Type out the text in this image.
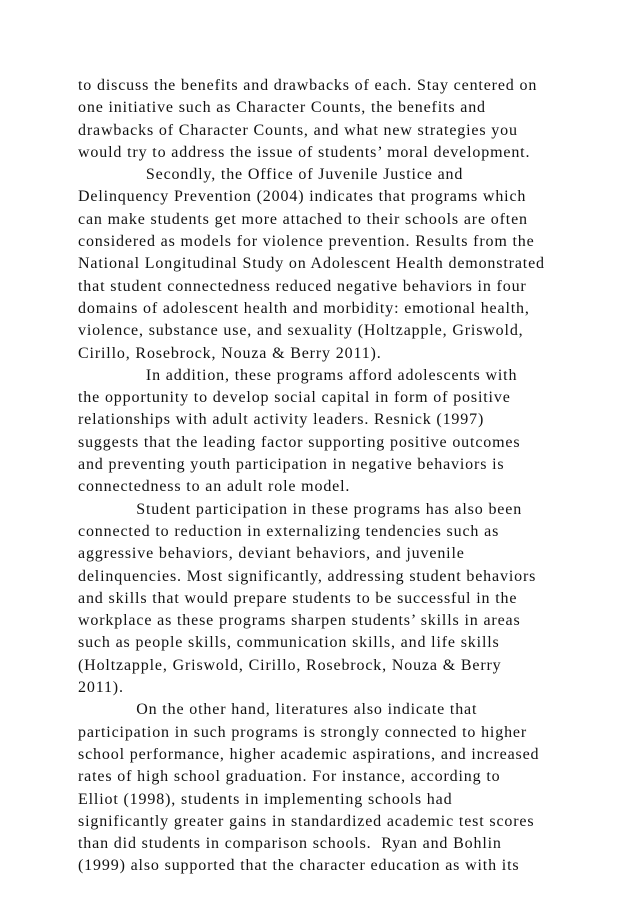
to discuss the benefits and drawbacks of each. Stay centered on
one initiative such as Character Counts, the benefits and
drawbacks of Character Counts, and what new strategies you
would try to address the issue of students’ moral development.
Secondly, the Office of Juvenile Justice and
Delinquency Prevention (2004) indicates that programs which
can make students get more attached to their schools are often
considered as models for violence prevention. Results from the
National Longitudinal Study on Adolescent Health demonstrated
that student connectedness reduced negative behaviors in four
domains of adolescent health and morbidity: emotional health,
violence, substance use, and sexuality (Holtzapple, Griswold,
Cirillo, Rosebrock, Nouza & Berry 2011).
In addition, these programs afford adolescents with
the opportunity to develop social capital in form of positive
relationships with adult activity leaders. Resnick (1997)
suggests that the leading factor supporting positive outcomes
and preventing youth participation in negative behaviors is
connectedness to an adult role model.
Student participation in these programs has also been
connected to reduction in externalizing tendencies such as
aggressive behaviors, deviant behaviors, and juvenile
delinquencies. Most significantly, addressing student behaviors
and skills that would prepare students to be successful in the
workplace as these programs sharpen students’ skills in areas
such as people skills, communication skills, and life skills
(Holtzapple, Griswold, Cirillo, Rosebrock, Nouza & Berry
2011).
On the other hand, literatures also indicate that
participation in such programs is strongly connected to higher
school performance, higher academic aspirations, and increased
rates of high school graduation. For instance, according to
Elliot (1998), students in implementing schools had
significantly greater gains in standardized academic test scores
than did students in comparison schools.  Ryan and Bohlin
(1999) also supported that the character education as with its
